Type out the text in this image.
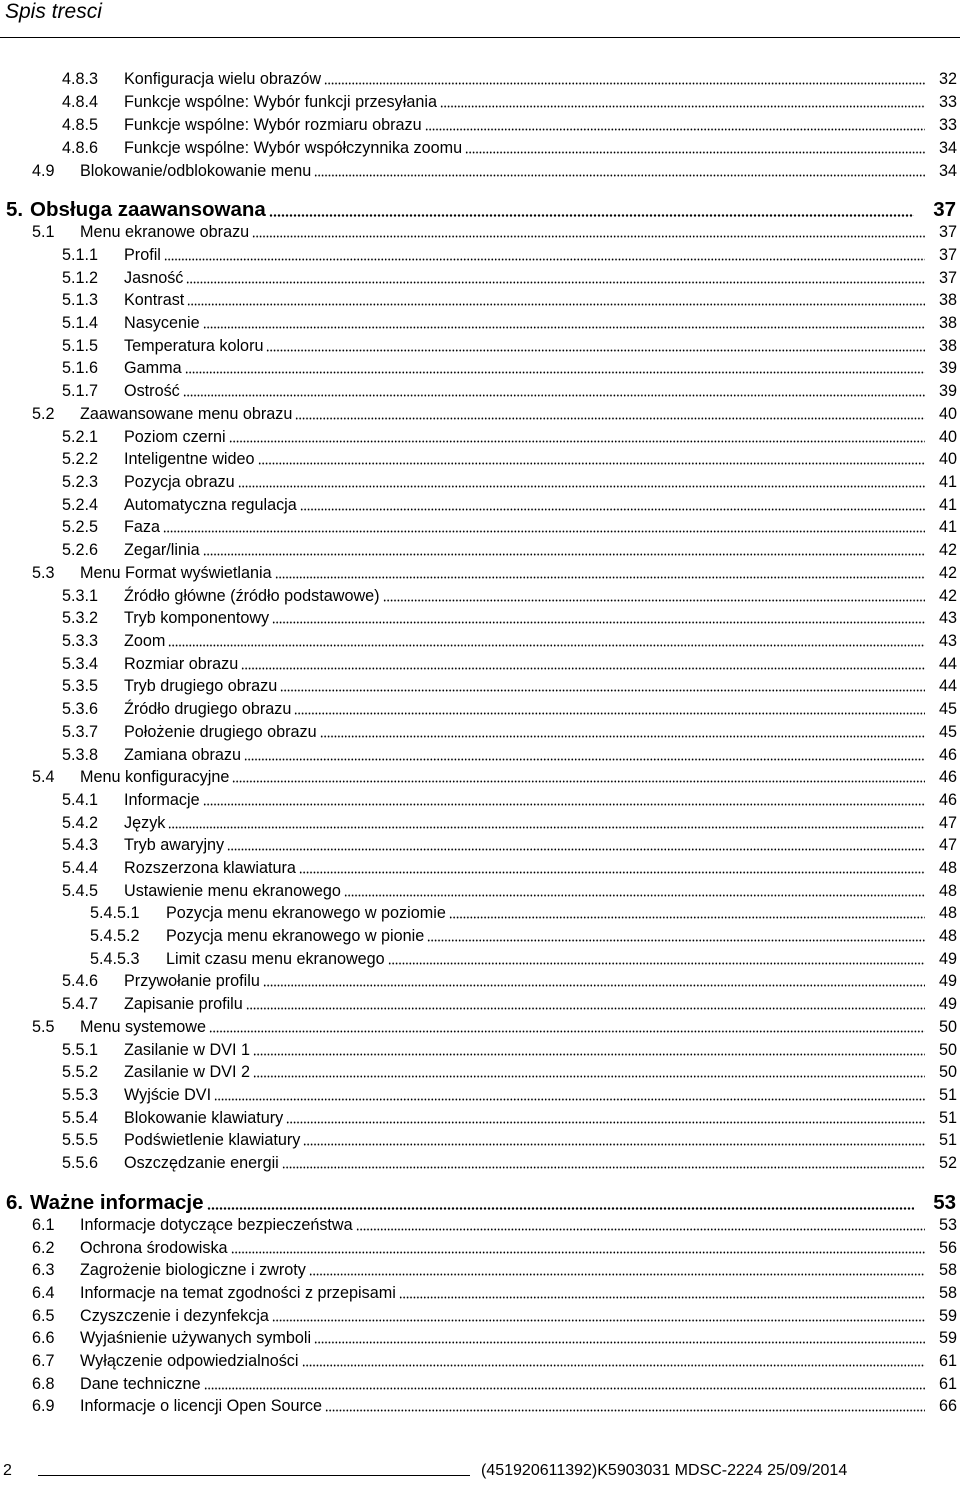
Spis tresci
4.8.3	Konfiguracja wielu obrazów	32
4.8.4	Funkcje wspólne: Wybór funkcji przesyłania	33
4.8.5	Funkcje wspólne: Wybór rozmiaru obrazu	33
4.8.6	Funkcje wspólne: Wybór współczynnika zoomu	34
4.9	Blokowanie/odblokowanie menu	34
5. Obsługa zaawansowana	37
5.1	Menu ekranowe obrazu	37
5.1.1	Profil	37
5.1.2	Jasność	37
5.1.3	Kontrast	38
5.1.4	Nasycenie	38
5.1.5	Temperatura koloru	38
5.1.6	Gamma	39
5.1.7	Ostrość	39
5.2	Zaawansowane menu obrazu	40
5.2.1	Poziom czerni	40
5.2.2	Inteligentne wideo	40
5.2.3	Pozycja obrazu	41
5.2.4	Automatyczna regulacja	41
5.2.5	Faza	41
5.2.6	Zegar/linia	42
5.3	Menu Format wyświetlania	42
5.3.1	Źródło główne (źródło podstawowe)	42
5.3.2	Tryb komponentowy	43
5.3.3	Zoom	43
5.3.4	Rozmiar obrazu	44
5.3.5	Tryb drugiego obrazu	44
5.3.6	Źródło drugiego obrazu	45
5.3.7	Położenie drugiego obrazu	45
5.3.8	Zamiana obrazu	46
5.4	Menu konfiguracyjne	46
5.4.1	Informacje	46
5.4.2	Język	47
5.4.3	Tryb awaryjny	47
5.4.4	Rozszerzona klawiatura	48
5.4.5	Ustawienie menu ekranowego	48
5.4.5.1	Pozycja menu ekranowego w poziomie	48
5.4.5.2	Pozycja menu ekranowego w pionie	48
5.4.5.3	Limit czasu menu ekranowego	49
5.4.6	Przywołanie profilu	49
5.4.7	Zapisanie profilu	49
5.5	Menu systemowe	50
5.5.1	Zasilanie w DVI 1	50
5.5.2	Zasilanie w DVI 2	50
5.5.3	Wyjście DVI	51
5.5.4	Blokowanie klawiatury	51
5.5.5	Podświetlenie klawiatury	51
5.5.6	Oszczędzanie energii	52
6. Ważne informacje	53
6.1	Informacje dotyczące bezpieczeństwa	53
6.2	Ochrona środowiska	56
6.3	Zagrożenie biologiczne i zwroty	58
6.4	Informacje na temat zgodności z przepisami	58
6.5	Czyszczenie i dezynfekcja	59
6.6	Wyjaśnienie używanych symboli	59
6.7	Wyłączenie odpowiedzialności	61
6.8	Dane techniczne	61
6.9	Informacje o licencji Open Source	66
2	(451920611392)K5903031 MDSC-2224 25/09/2014
